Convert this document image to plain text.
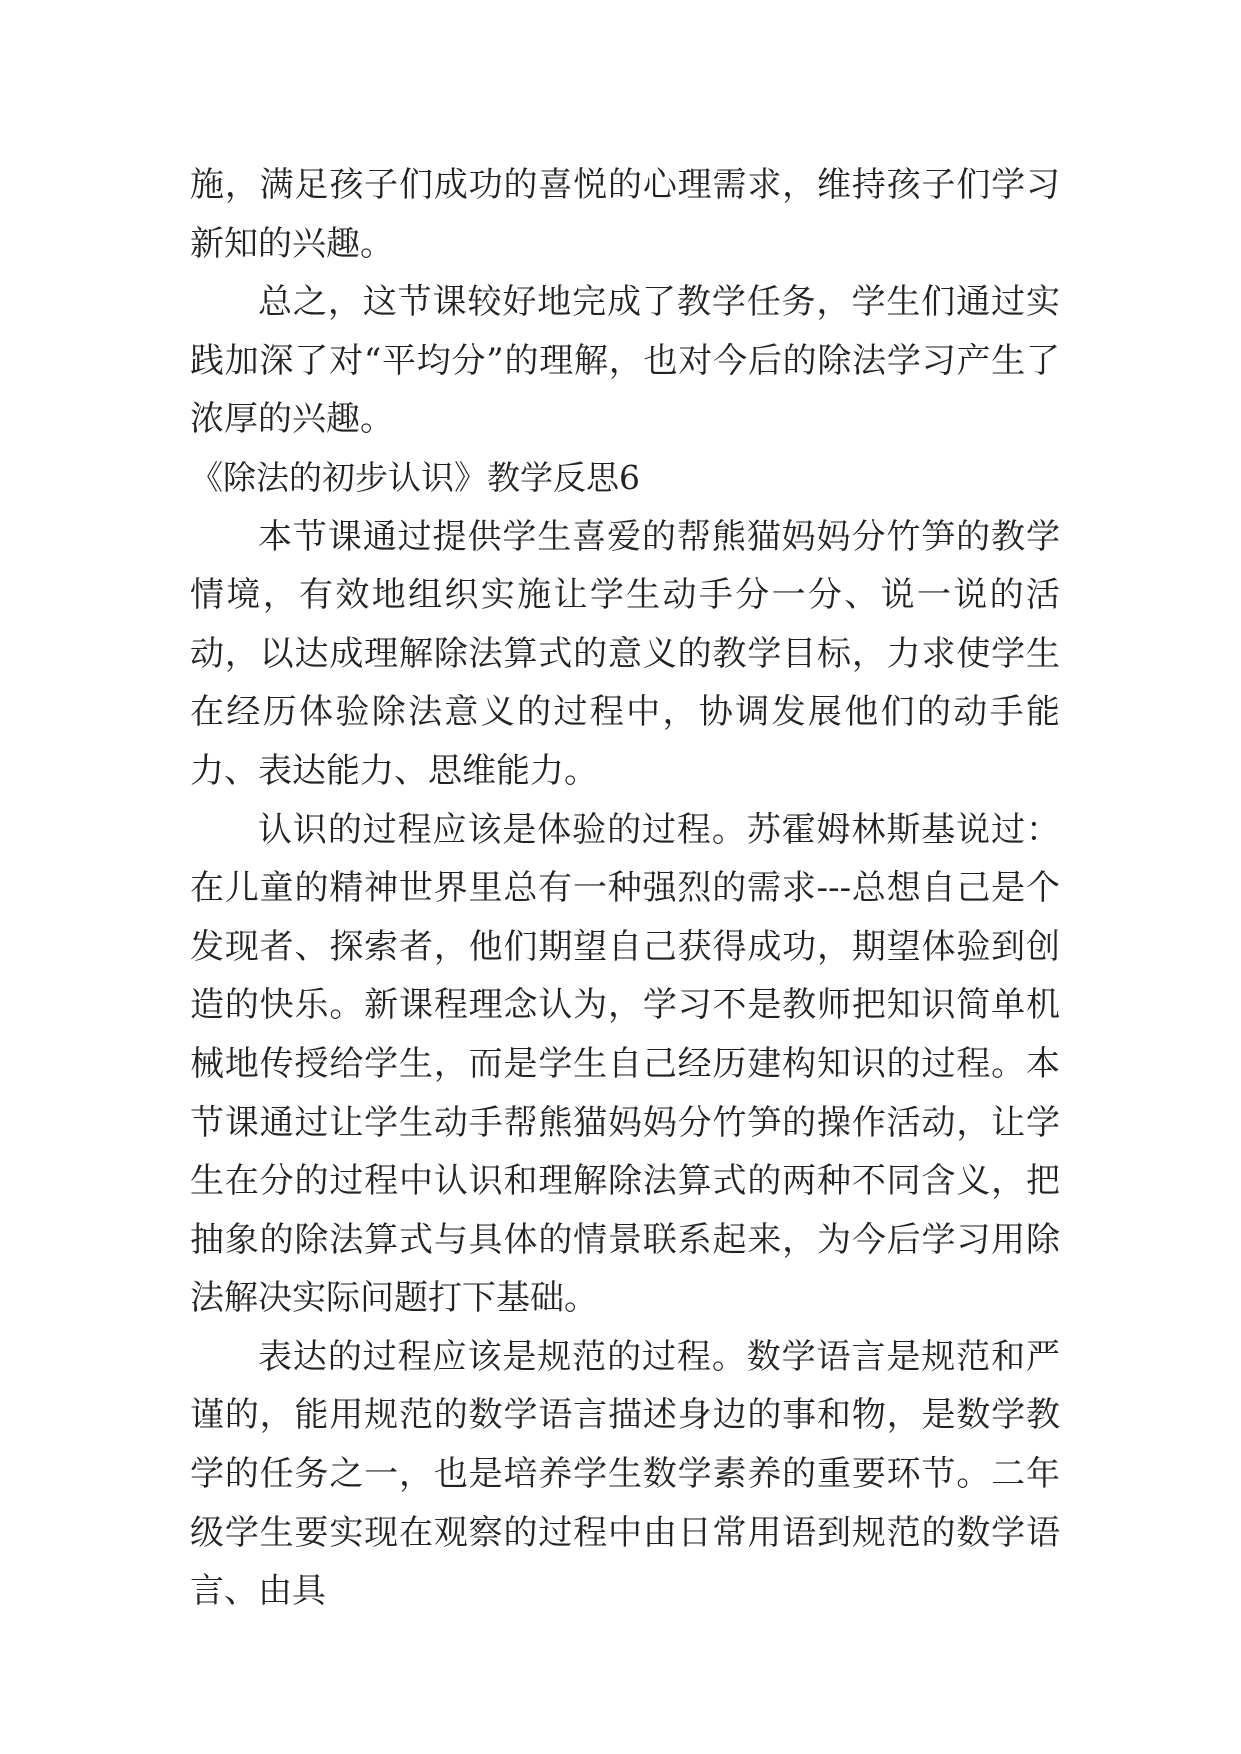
施，满足孩子们成功的喜悦的心理需求，维持孩子们学习新知的兴趣。

总之，这节课较好地完成了教学任务，学生们通过实践加深了对“平均分”的理解，也对今后的除法学习产生了浓厚的兴趣。

《除法的初步认识》教学反思6

本节课通过提供学生喜爱的帮熊猫妈妈分竹笋的教学情境，有效地组织实施让学生动手分一分、说一说的活动，以达成理解除法算式的意义的教学目标，力求使学生在经历体验除法意义的过程中，协调发展他们的动手能力、表达能力、思维能力。

认识的过程应该是体验的过程。苏霍姆林斯基说过：在儿童的精神世界里总有一种强烈的需求---总想自己是个发现者、探索者，他们期望自己获得成功，期望体验到创造的快乐。新课程理念认为，学习不是教师把知识简单机械地传授给学生，而是学生自己经历建构知识的过程。本节课通过让学生动手帮熊猫妈妈分竹笋的操作活动，让学生在分的过程中认识和理解除法算式的两种不同含义，把抽象的除法算式与具体的情景联系起来，为今后学习用除法解决实际问题打下基础。

表达的过程应该是规范的过程。数学语言是规范和严谨的，能用规范的数学语言描述身边的事和物，是数学教学的任务之一，也是培养学生数学素养的重要环节。二年级学生要实现在观察的过程中由日常用语到规范的数学语言、由具
